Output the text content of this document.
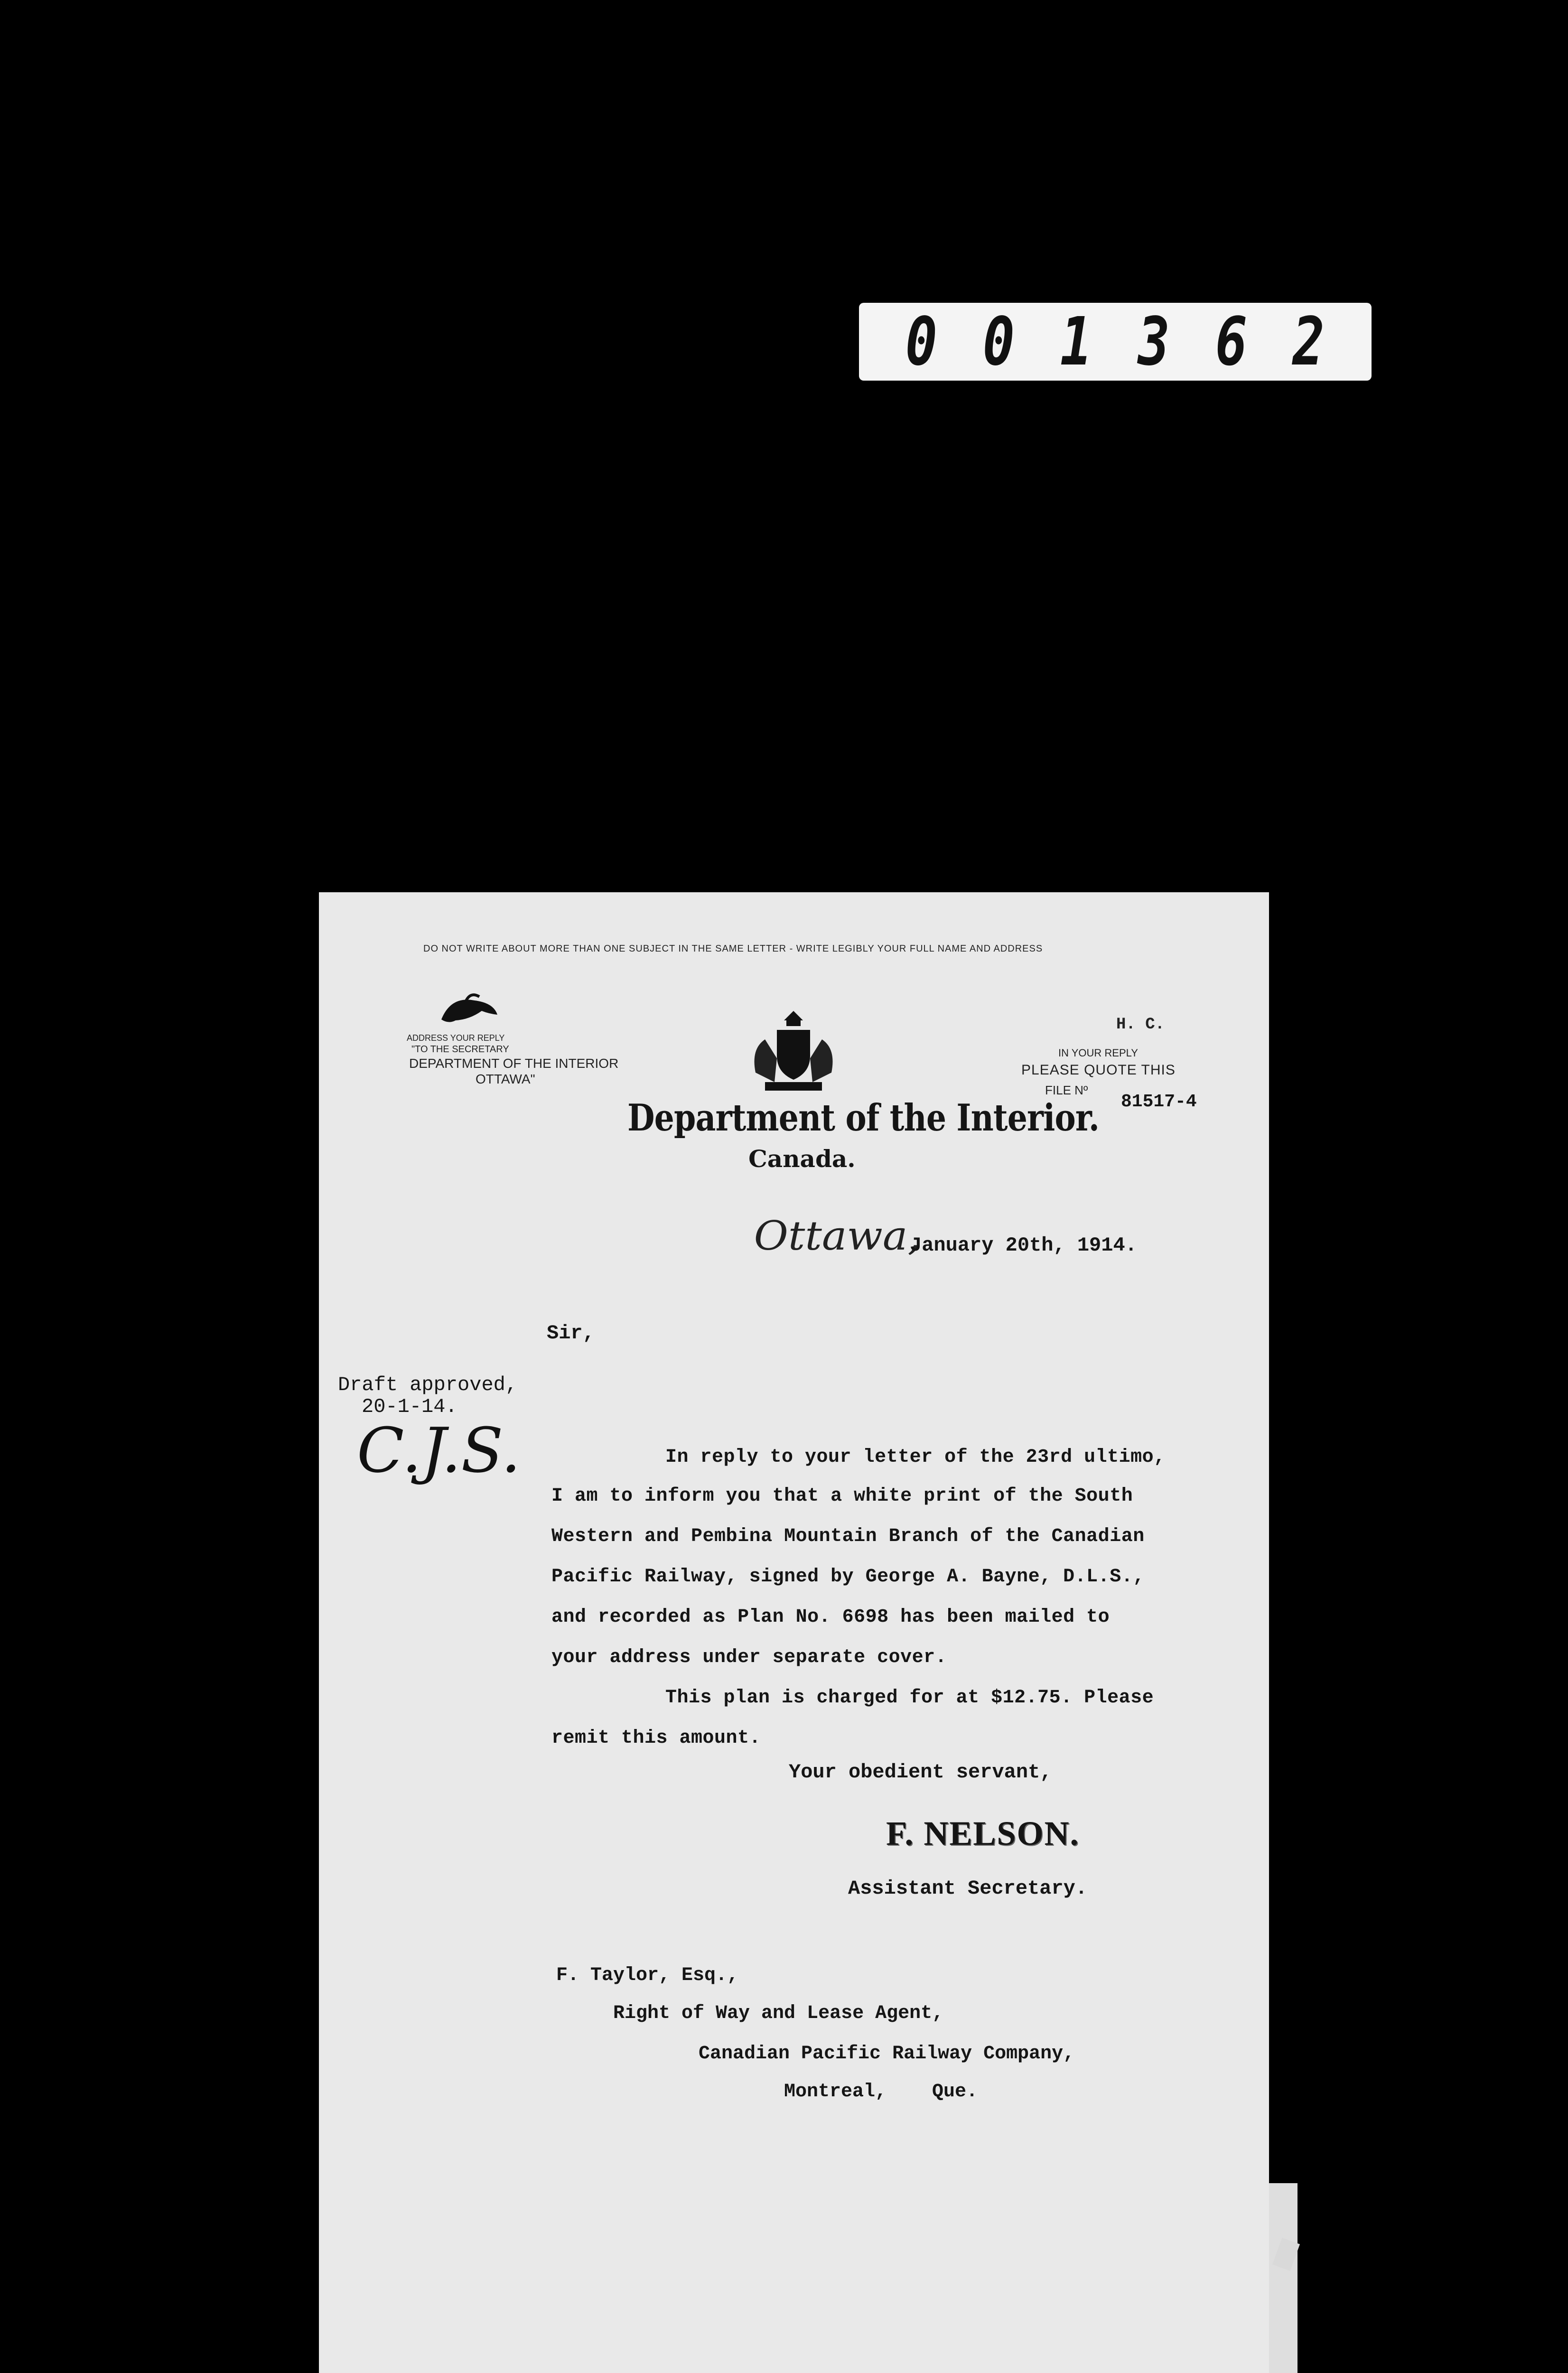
0 0 1 3 6 2
DO NOT WRITE ABOUT MORE THAN ONE SUBJECT IN THE SAME LETTER - WRITE LEGIBLY YOUR FULL NAME AND ADDRESS
ADDRESS YOUR REPLY
"TO THE SECRETARY
DEPARTMENT OF THE INTERIOR
OTTAWA"
Department of the Interior.
Canada.
H. C.
IN YOUR REPLY
PLEASE QUOTE THIS
FILE Nº
81517-4
Ottawa,
January 20th, 1914.
Sir,
Draft approved,
20-1-14.
C.J.S.	In reply to your letter of the 23rd ultimo,
I am to inform you that a white print of the South
Western and Pembina Mountain Branch of the Canadian
Pacific Railway, signed by George A. Bayne, D.L.S.,
and recorded as Plan No. 6698 has been mailed to
your address under separate cover.
This plan is charged for at $12.75. Please
remit this amount.
Your obedient servant,
F. NELSON.
Assistant Secretary.
F. Taylor, Esq.,
Right of Way and Lease Agent,
Canadian Pacific Railway Company,
Montreal,    Que.
